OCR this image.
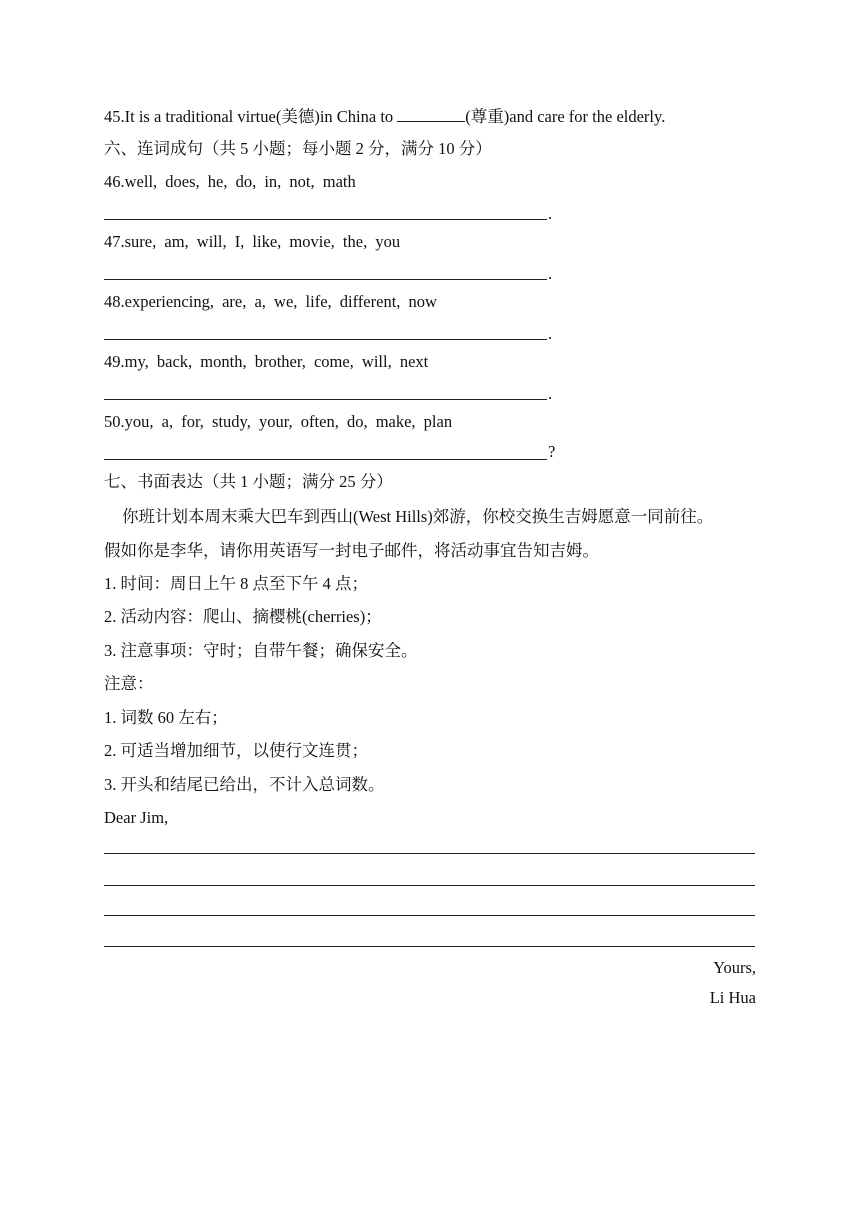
45.It is a traditional virtue(美德)in China to	(尊重)and care for the elderly.
六、连词成句（共 5 小题；每小题 2 分，满分 10 分）
46.well, does, he, do, in, not, math
.
47.sure, am, will, I, like, movie, the, you
.
48.experiencing, are, a, we, life, different, now
.
49.my, back, month, brother, come, will, next
.
50.you, a, for, study, your, often, do, make, plan
?
七、书面表达（共 1 小题；满分 25 分）
你班计划本周末乘大巴车到西山(West Hills)郊游，你校交换生吉姆愿意一同前往。
假如你是李华，请你用英语写一封电子邮件，将活动事宜告知吉姆。
1. 时间：周日上午 8 点至下午 4 点；
2. 活动内容：爬山、摘樱桃(cherries)；
3. 注意事项：守时；自带午餐；确保安全。
注意：
1. 词数 60 左右；
2. 可适当增加细节，以使行文连贯；
3. 开头和结尾已给出，不计入总词数。
Dear Jim,
Yours,
Li Hua
